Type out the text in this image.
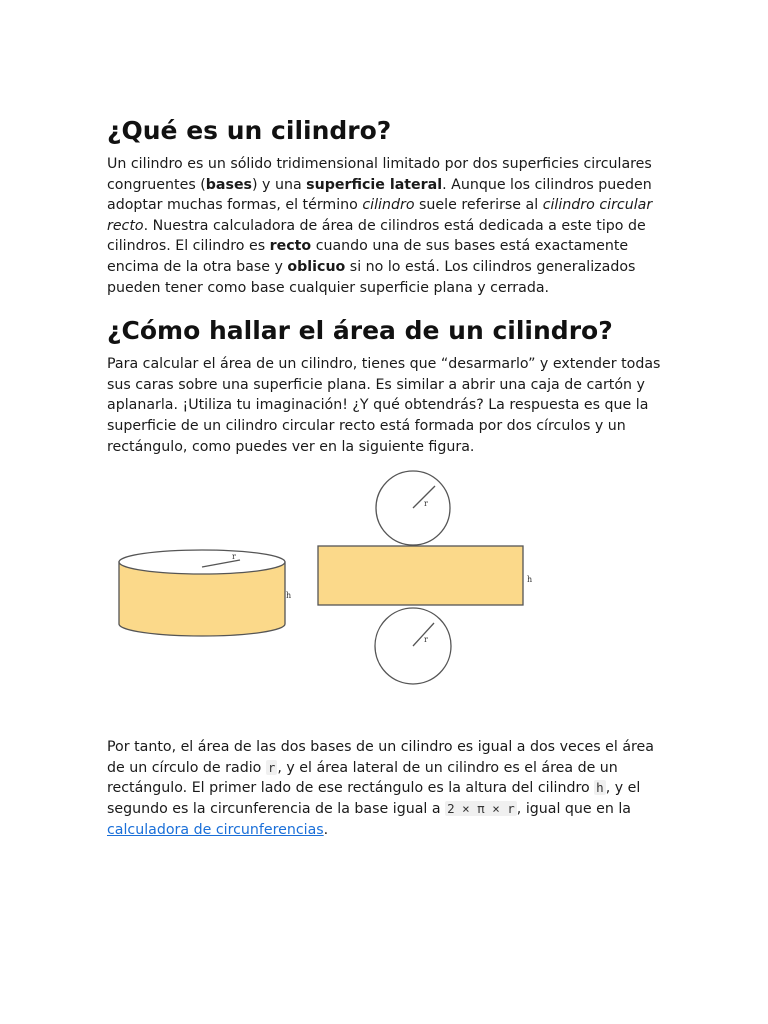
¿Qué es un cilindro?

Un cilindro es un sólido tridimensional limitado por dos superficies circulares congruentes (bases) y una superficie lateral. Aunque los cilindros pueden adoptar muchas formas, el término cilindro suele referirse al cilindro circular recto. Nuestra calculadora de área de cilindros está dedicada a este tipo de cilindros. El cilindro es recto cuando una de sus bases está exactamente encima de la otra base y oblicuo si no lo está. Los cilindros generalizados pueden tener como base cualquier superficie plana y cerrada.

¿Cómo hallar el área de un cilindro?

Para calcular el área de un cilindro, tienes que “desarmarlo” y extender todas sus caras sobre una superficie plana. Es similar a abrir una caja de cartón y aplanarla. ¡Utiliza tu imaginación! ¿Y qué obtendrás? La respuesta es que la superficie de un cilindro circular recto está formada por dos círculos y un rectángulo, como puedes ver en la siguiente figura.

r
h
r
h
r

Por tanto, el área de las dos bases de un cilindro es igual a dos veces el área de un círculo de radio r , y el área lateral de un cilindro es el área de un rectángulo. El primer lado de ese rectángulo es la altura del cilindro h , y el segundo es la circunferencia de la base igual a 2 × π × r , igual que en la calculadora de circunferencias.
